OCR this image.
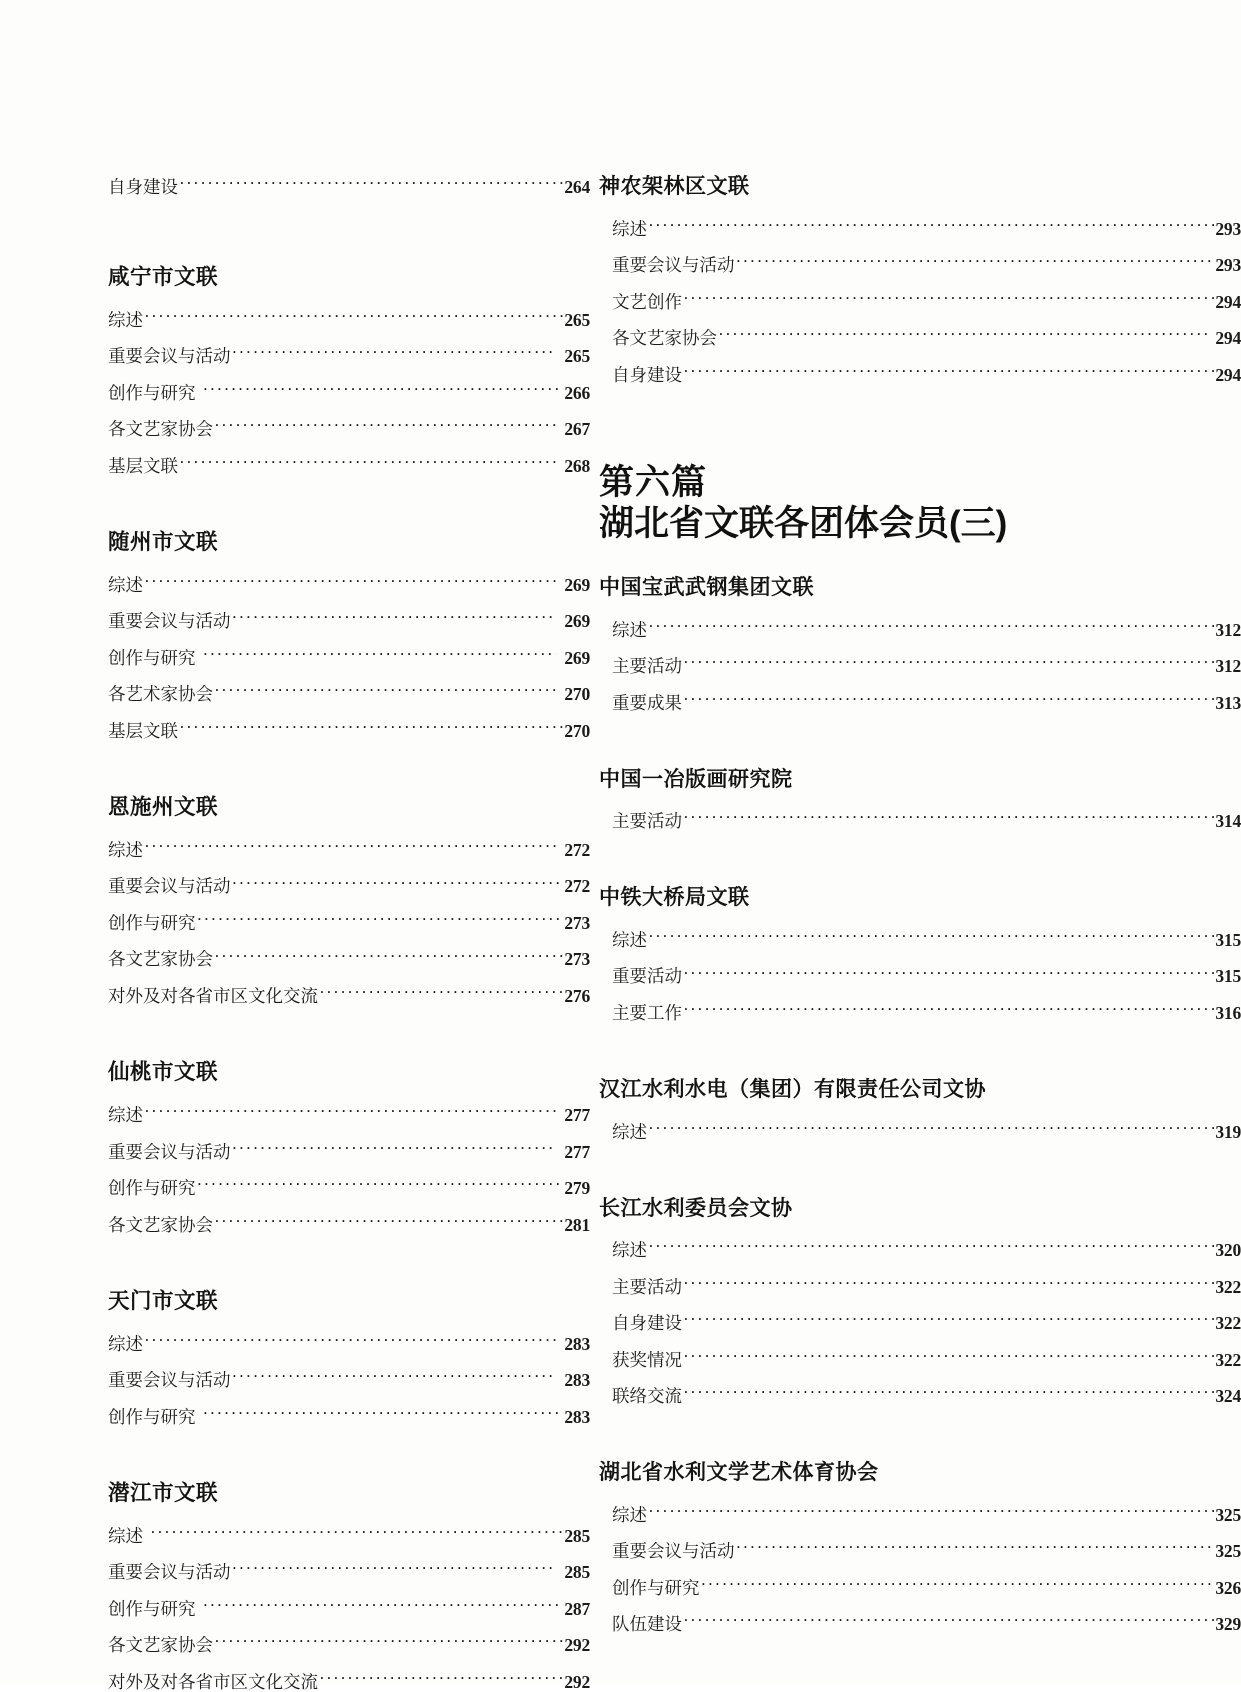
自身建设 ·····	264
咸宁市文联
综述 ·····	265
重要会议与活动 ·····	265
创作与研究 ·····	266
各文艺家协会 ·····	267
基层文联 ·····	268
随州市文联
综述 ·····	269
重要会议与活动 ·····	269
创作与研究 ·····	269
各艺术家协会 ·····	270
基层文联 ·····	270
恩施州文联
综述 ·····	272
重要会议与活动 ·····	272
创作与研究 ·····	273
各文艺家协会 ·····	273
对外及对各省市区文化交流 ·····	276
仙桃市文联
综述 ·····	277
重要会议与活动 ·····	277
创作与研究 ·····	279
各文艺家协会 ·····	281
天门市文联
综述 ·····	283
重要会议与活动 ·····	283
创作与研究 ·····	283
潜江市文联
综述 ·····	285
重要会议与活动 ·····	285
创作与研究 ·····	287
各文艺家协会 ·····	292
对外及对各省市区文化交流 ·····	292
神农架林区文联
综述 ·····	293
重要会议与活动 ·····	293
文艺创作 ·····	294
各文艺家协会 ·····	294
自身建设 ·····	294
第六篇
湖北省文联各团体会员(三)
中国宝武武钢集团文联
综述 ·····	312
主要活动 ·····	312
重要成果 ·····	313
中国一冶版画研究院
主要活动 ·····	314
中铁大桥局文联
综述 ·····	315
重要活动 ·····	315
主要工作 ·····	316
汉江水利水电（集团）有限责任公司文协
综述 ·····	319
长江水利委员会文协
综述 ·····	320
主要活动 ·····	322
自身建设 ·····	322
获奖情况 ·····	322
联络交流 ·····	324
湖北省水利文学艺术体育协会
综述 ·····	325
重要会议与活动 ·····	325
创作与研究 ·····	326
队伍建设 ·····	329
